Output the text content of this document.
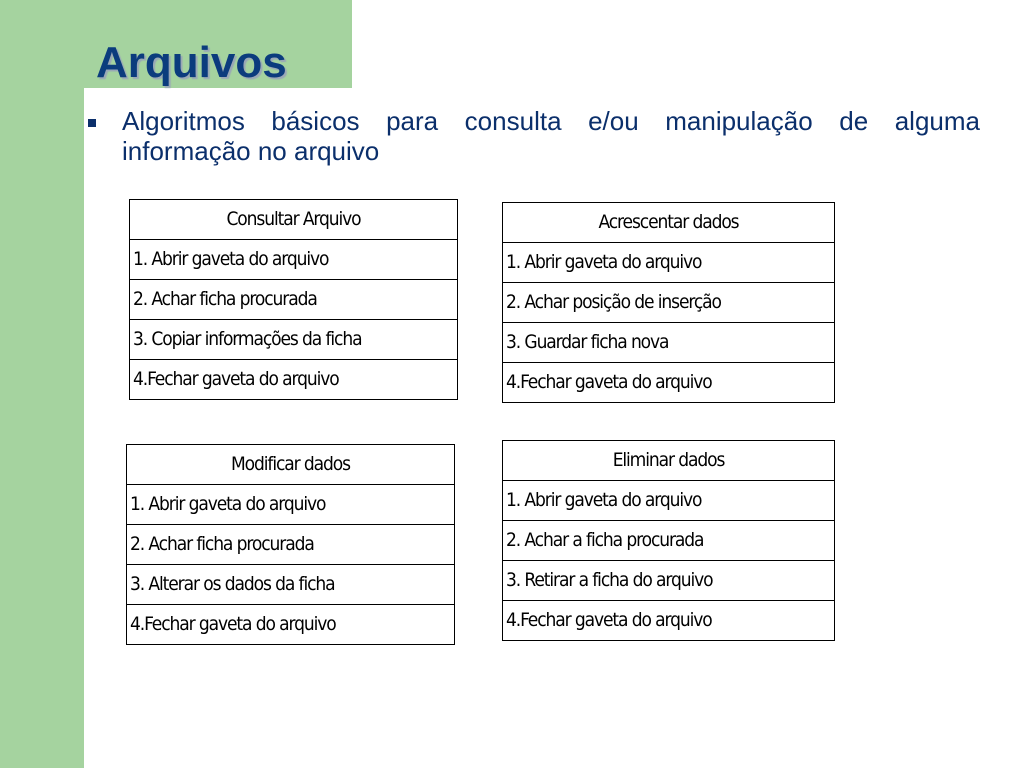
Arquivos

Algoritmos básicos para consulta e/ou manipulação de alguma informação no arquivo

Consultar Arquivo
1. Abrir gaveta do arquivo
2. Achar ficha procurada
3. Copiar informações da ficha
4.Fechar gaveta do arquivo
Acrescentar dados
1. Abrir gaveta do arquivo
2. Achar posição de inserção
3. Guardar ficha nova
4.Fechar gaveta do arquivo
Modificar dados
1. Abrir gaveta do arquivo
2. Achar ficha procurada
3. Alterar os dados da ficha
4.Fechar gaveta do arquivo
Eliminar dados
1. Abrir gaveta do arquivo
2. Achar a ficha procurada
3. Retirar a ficha do arquivo
4.Fechar gaveta do arquivo
